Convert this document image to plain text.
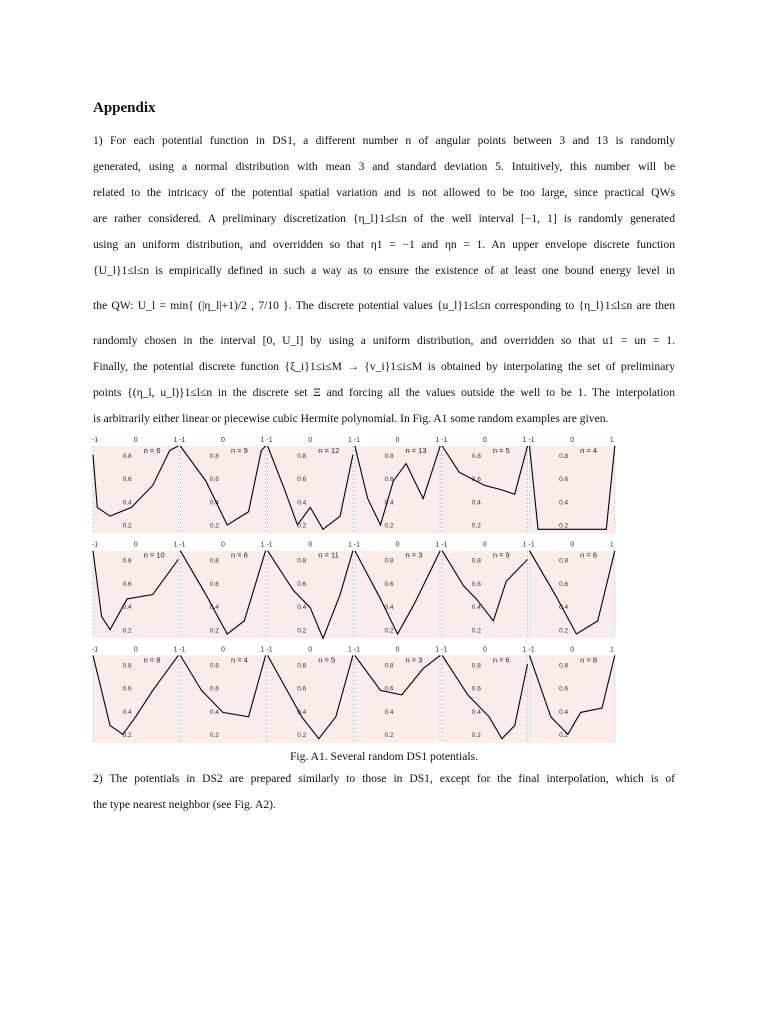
Appendix
1) For each potential function in DS1, a different number n of angular points between 3 and 13 is randomly
generated, using a normal distribution with mean 3 and standard deviation 5. Intuitively, this number will be
related to the intricacy of the potential spatial variation and is not allowed to be too large, since practical QWs
are rather considered. A preliminary discretization {η_l}1≤l≤n of the well interval [−1, 1] is randomly generated
using an uniform distribution, and overridden so that η1 = −1 and ηn = 1. An upper envelope discrete function
{U_l}1≤l≤n is empirically defined in such a way as to ensure the existence of at least one bound energy level in
the QW: U_l = min{ (|η_l|+1)/2 , 7/10 }. The discrete potential values {u_l}1≤l≤n corresponding to {η_l}1≤l≤n are then
randomly chosen in the interval [0, U_l] by using a uniform distribution, and overridden so that u1 = un = 1.
Finally, the potential discrete function {ξ_i}1≤i≤M → {v_i}1≤i≤M is obtained by interpolating the set of preliminary
points {(η_l, u_l)}1≤l≤n in the discrete set Ξ and forcing all the values outside the well to be 1. The interpolation
is arbitrarily either linear or piecewise cubic Hermite polynomial. In Fig. A1 some random examples are given.
-1	0	1
0.8
0.6
0.4
0.2
n = 6
-1	0	1
0.8
0.6
0.4
0.2
n = 9
-1	0	1
0.8
0.6
0.4
0.2
n = 12
-1	0	1
0.8
0.6
0.4
0.2
n = 13
-1	0	1
0.8
0.6
0.4
0.2
n = 5
-1	0	1
0.8
0.6
0.4
0.2
n = 4
-1	0	1
0.8
0.6
0.4
0.2
n = 10
-1	0	1
0.8
0.6
0.4
0.2
n = 6
-1	0	1
0.8
0.6
0.4
0.2
n = 11
-1	0	1
0.8
0.6
0.4
0.2
n = 3
-1	0	1
0.8
0.6
0.4
0.2
n = 9
-1	0	1
0.8
0.6
0.4
0.2
n = 6
-1	0	1
0.8
0.6
0.4
0.2
n = 8
-1	0	1
0.8
0.6
0.4
0.2
n = 4
-1	0	1
0.8
0.6
0.4
0.2
n = 5
-1	0	1
0.8
0.6
0.4
0.2
n = 3
-1	0	1
0.8
0.6
0.4
0.2
n = 6
-1	0	1
0.8
0.6
0.4
0.2
n = 8
Fig. A1. Several random DS1 potentials.
2) The potentials in DS2 are prepared similarly to those in DS1, except for the final interpolation, which is of
the type nearest neighbor (see Fig. A2).
